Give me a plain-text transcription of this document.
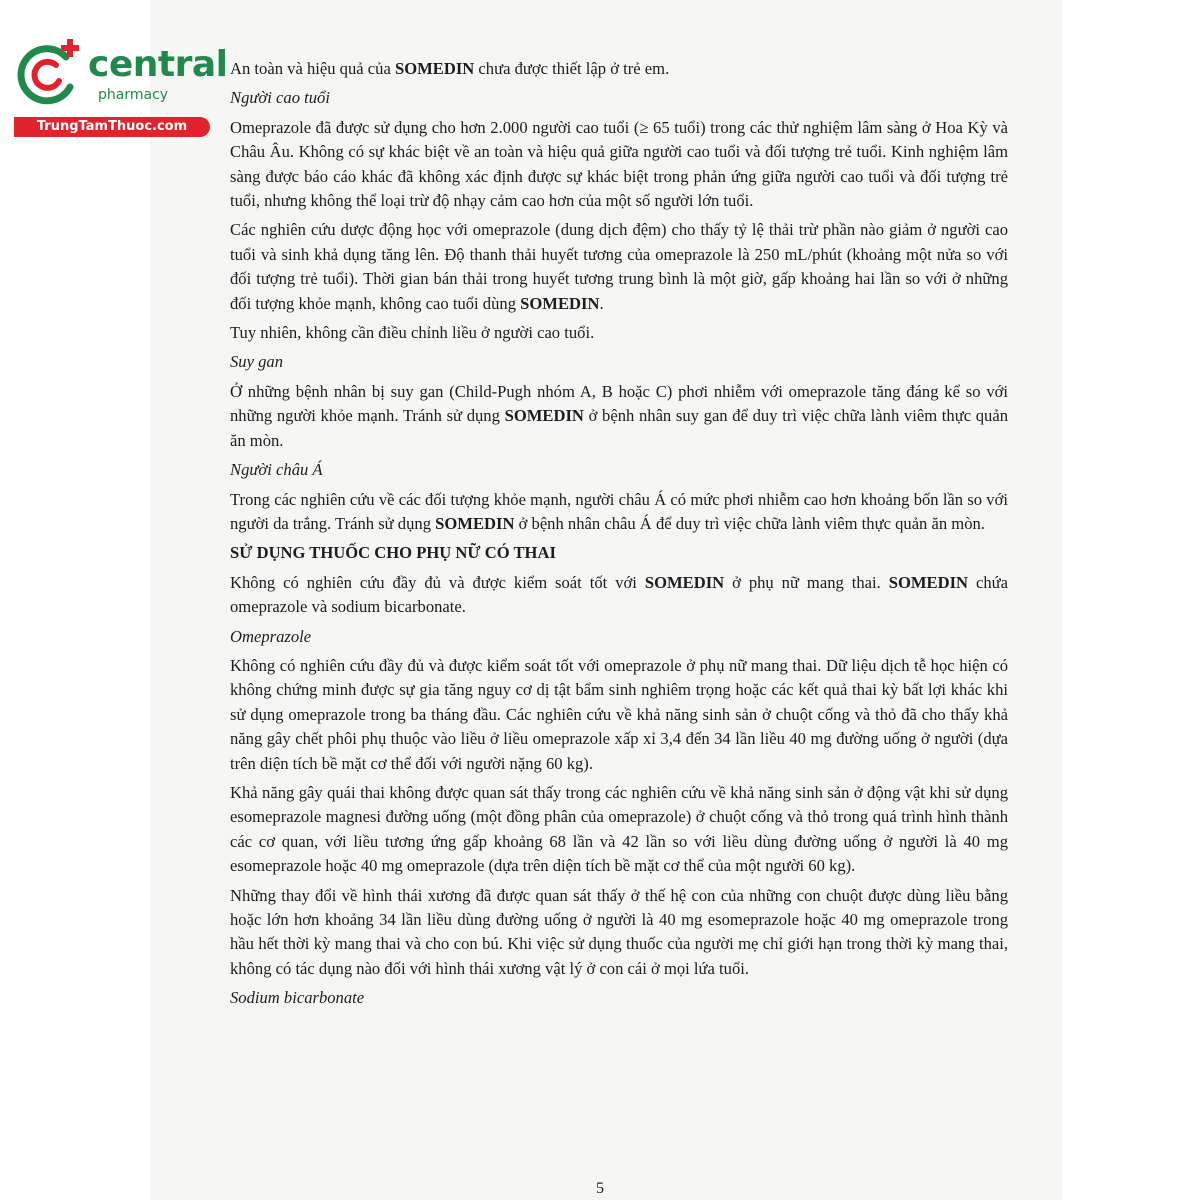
central
pharmacy
TrungTamThuoc.com

An toàn và hiệu quả của SOMEDIN chưa được thiết lập ở trẻ em.

Người cao tuổi

Omeprazole đã được sử dụng cho hơn 2.000 người cao tuổi (≥ 65 tuổi) trong các thử nghiệm lâm sàng ở Hoa Kỳ và Châu Âu. Không có sự khác biệt về an toàn và hiệu quả giữa người cao tuổi và đối tượng trẻ tuổi. Kinh nghiệm lâm sàng được báo cáo khác đã không xác định được sự khác biệt trong phản ứng giữa người cao tuổi và đối tượng trẻ tuổi, nhưng không thể loại trừ độ nhạy cảm cao hơn của một số người lớn tuổi.

Các nghiên cứu dược động học với omeprazole (dung dịch đệm) cho thấy tỷ lệ thải trừ phần nào giảm ở người cao tuổi và sinh khả dụng tăng lên. Độ thanh thải huyết tương của omeprazole là 250 mL/phút (khoảng một nửa so với đối tượng trẻ tuổi). Thời gian bán thải trong huyết tương trung bình là một giờ, gấp khoảng hai lần so với ở những đối tượng khỏe mạnh, không cao tuổi dùng SOMEDIN.

Tuy nhiên, không cần điều chỉnh liều ở người cao tuổi.

Suy gan

Ở những bệnh nhân bị suy gan (Child-Pugh nhóm A, B hoặc C) phơi nhiễm với omeprazole tăng đáng kể so với những người khỏe mạnh. Tránh sử dụng SOMEDIN ở bệnh nhân suy gan để duy trì việc chữa lành viêm thực quản ăn mòn.

Người châu Á

Trong các nghiên cứu về các đối tượng khỏe mạnh, người châu Á có mức phơi nhiễm cao hơn khoảng bốn lần so với người da trắng. Tránh sử dụng SOMEDIN ở bệnh nhân châu Á để duy trì việc chữa lành viêm thực quản ăn mòn.

SỬ DỤNG THUỐC CHO PHỤ NỮ CÓ THAI

Không có nghiên cứu đầy đủ và được kiểm soát tốt với SOMEDIN ở phụ nữ mang thai. SOMEDIN chứa omeprazole và sodium bicarbonate.

Omeprazole

Không có nghiên cứu đầy đủ và được kiểm soát tốt với omeprazole ở phụ nữ mang thai. Dữ liệu dịch tễ học hiện có không chứng minh được sự gia tăng nguy cơ dị tật bẩm sinh nghiêm trọng hoặc các kết quả thai kỳ bất lợi khác khi sử dụng omeprazole trong ba tháng đầu. Các nghiên cứu về khả năng sinh sản ở chuột cống và thỏ đã cho thấy khả năng gây chết phôi phụ thuộc vào liều ở liều omeprazole xấp xỉ 3,4 đến 34 lần liều 40 mg đường uống ở người (dựa trên diện tích bề mặt cơ thể đối với người nặng 60 kg).

Khả năng gây quái thai không được quan sát thấy trong các nghiên cứu về khả năng sinh sản ở động vật khi sử dụng esomeprazole magnesi đường uống (một đồng phân của omeprazole) ở chuột cống và thỏ trong quá trình hình thành các cơ quan, với liều tương ứng gấp khoảng 68 lần và 42 lần so với liều dùng đường uống ở người là 40 mg esomeprazole hoặc 40 mg omeprazole (dựa trên diện tích bề mặt cơ thể của một người 60 kg).

Những thay đổi về hình thái xương đã được quan sát thấy ở thế hệ con của những con chuột được dùng liều bằng hoặc lớn hơn khoảng 34 lần liều dùng đường uống ở người là 40 mg esomeprazole hoặc 40 mg omeprazole trong hầu hết thời kỳ mang thai và cho con bú. Khi việc sử dụng thuốc của người mẹ chỉ giới hạn trong thời kỳ mang thai, không có tác dụng nào đối với hình thái xương vật lý ở con cái ở mọi lứa tuổi.

Sodium bicarbonate

5
